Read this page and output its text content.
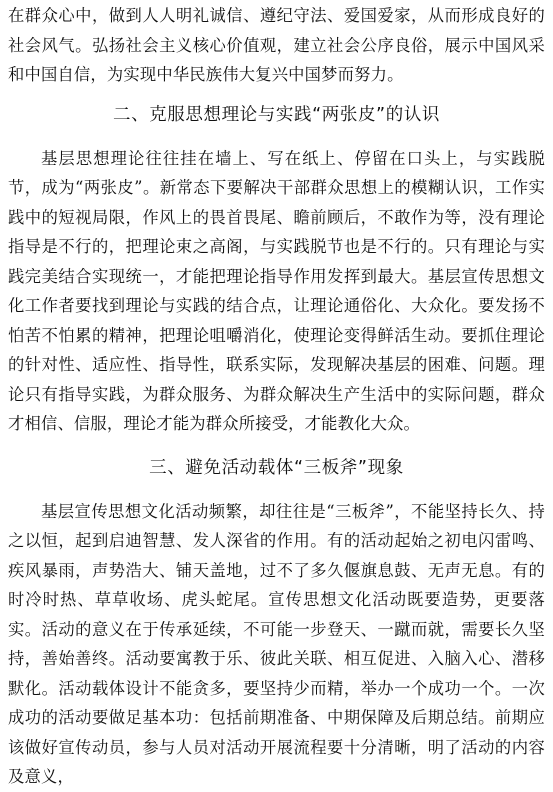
在群众心中，做到人人明礼诚信、遵纪守法、爱国爱家，从而形成良好的社会风气。弘扬社会主义核心价值观，建立社会公序良俗，展示中国风采和中国自信，为实现中华民族伟大复兴中国梦而努力。

二、克服思想理论与实践“两张皮”的认识

基层思想理论往往挂在墙上、写在纸上、停留在口头上，与实践脱节，成为“两张皮”。新常态下要解决干部群众思想上的模糊认识，工作实践中的短视局限，作风上的畏首畏尾、瞻前顾后，不敢作为等，没有理论指导是不行的，把理论束之高阁，与实践脱节也是不行的。只有理论与实践完美结合实现统一，才能把理论指导作用发挥到最大。基层宣传思想文化工作者要找到理论与实践的结合点，让理论通俗化、大众化。要发扬不怕苦不怕累的精神，把理论咀嚼消化，使理论变得鲜活生动。要抓住理论的针对性、适应性、指导性，联系实际，发现解决基层的困难、问题。理论只有指导实践，为群众服务、为群众解决生产生活中的实际问题，群众才相信、信服，理论才能为群众所接受，才能教化大众。

三、避免活动载体“三板斧”现象

基层宣传思想文化活动频繁，却往往是“三板斧”，不能坚持长久、持之以恒，起到启迪智慧、发人深省的作用。有的活动起始之初电闪雷鸣、疾风暴雨，声势浩大、铺天盖地，过不了多久偃旗息鼓、无声无息。有的时冷时热、草草收场、虎头蛇尾。宣传思想文化活动既要造势，更要落实。活动的意义在于传承延续，不可能一步登天、一蹴而就，需要长久坚持，善始善终。活动要寓教于乐、彼此关联、相互促进、入脑入心、潜移默化。活动载体设计不能贪多，要坚持少而精，举办一个成功一个。一次成功的活动要做足基本功：包括前期准备、中期保障及后期总结。前期应该做好宣传动员，参与人员对活动开展流程要十分清晰，明了活动的内容及意义，
